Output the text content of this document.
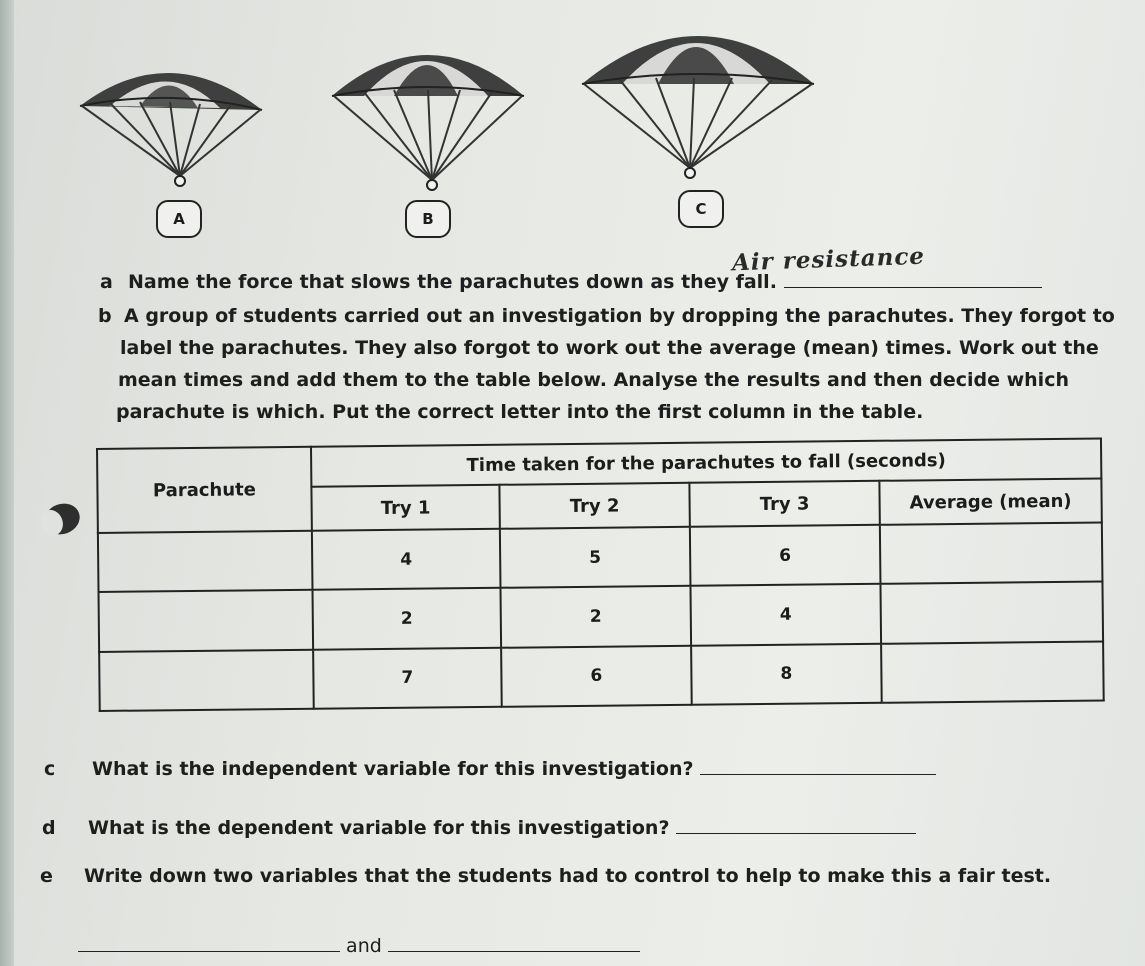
A	B
C
a Name the force that slows the parachutes down as they fall.
Air resistance
b A group of students carried out an investigation by dropping the parachutes. They forgot to
label the parachutes. They also forgot to work out the average (mean) times. Work out the
mean times and add them to the table below. Analyse the results and then decide which
parachute is which. Put the correct letter into the first column in the table.
Parachute	Time taken for the parachutes to fall (seconds)			
	Try 1	Try 2	Try 3	Average (mean)
	4	5	6	
	2	2	4	
	7	6	8	
c What is the independent variable for this investigation?
d What is the dependent variable for this investigation?
e Write down two variables that the students had to control to help to make this a fair test.
and
